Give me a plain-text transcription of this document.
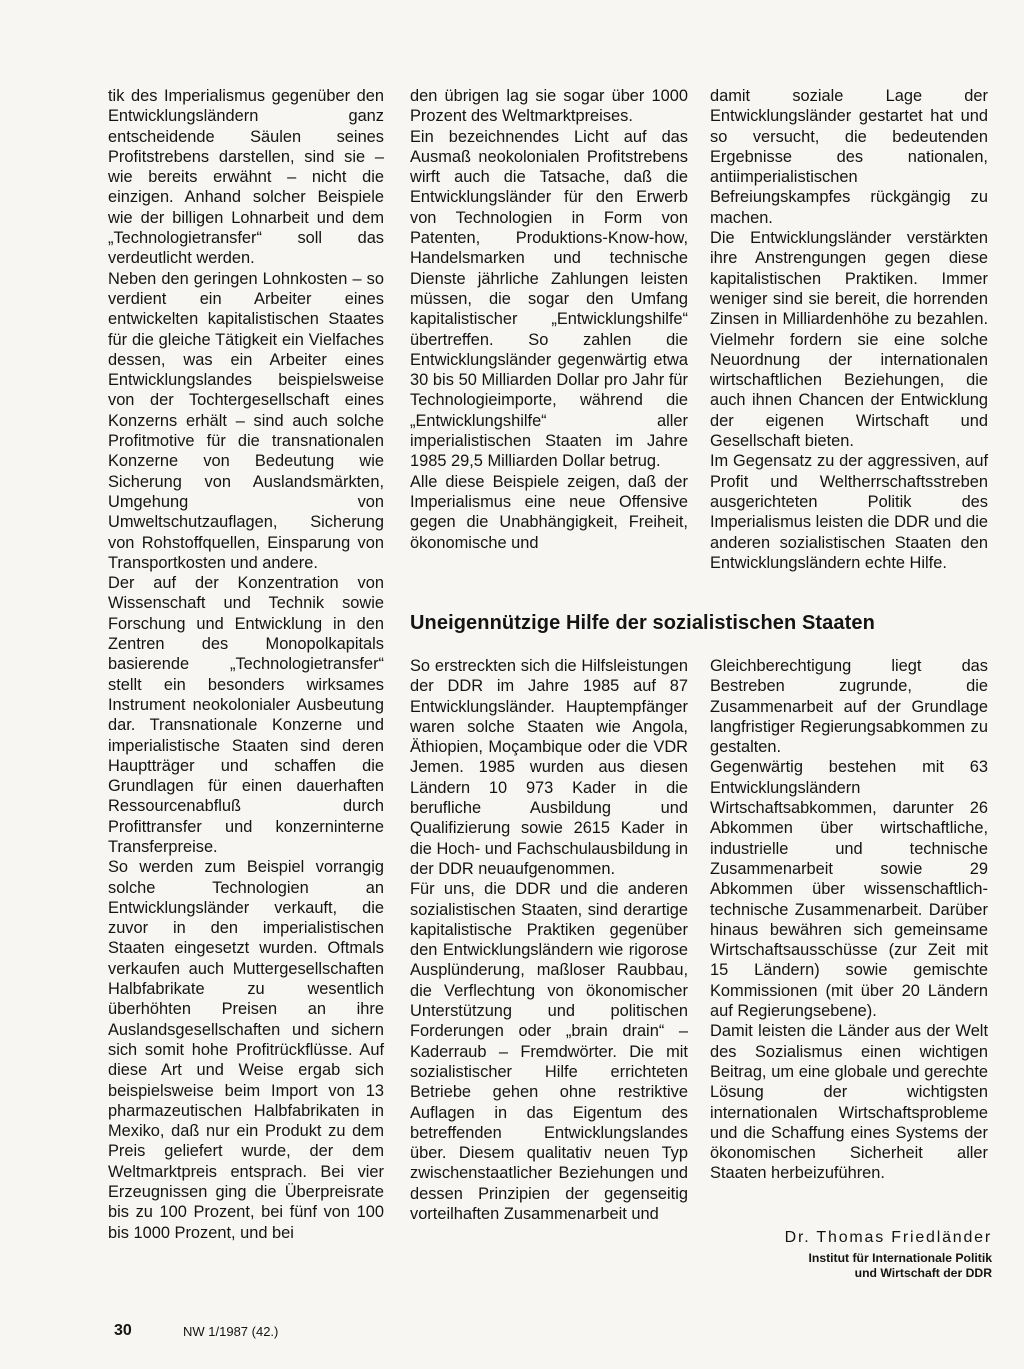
tik des Imperialismus gegenüber den Entwicklungsländern ganz entscheidende Säulen seines Profitstrebens darstellen, sind sie – wie bereits erwähnt – nicht die einzigen. Anhand solcher Beispiele wie der billigen Lohnarbeit und dem „Technologietransfer“ soll das verdeutlicht werden.

Neben den geringen Lohnkosten – so verdient ein Arbeiter eines entwickelten kapitalistischen Staates für die gleiche Tätigkeit ein Vielfaches dessen, was ein Arbeiter eines Entwicklungslandes beispielsweise von der Tochtergesellschaft eines Konzerns erhält – sind auch solche Profitmotive für die transnationalen Konzerne von Bedeutung wie Sicherung von Auslandsmärkten, Umgehung von Umweltschutzauflagen, Sicherung von Rohstoffquellen, Einsparung von Transportkosten und andere.

Der auf der Konzentration von Wissenschaft und Technik sowie Forschung und Entwicklung in den Zentren des Monopolkapitals basierende „Technologietransfer“ stellt ein besonders wirksames Instrument neokolonialer Ausbeutung dar. Transnationale Konzerne und imperialistische Staaten sind deren Hauptträger und schaffen die Grundlagen für einen dauerhaften Ressourcenabfluß durch Profittransfer und konzerninterne Transferpreise.

So werden zum Beispiel vorrangig solche Technologien an Entwicklungsländer verkauft, die zuvor in den imperialistischen Staaten eingesetzt wurden. Oftmals verkaufen auch Muttergesellschaften Halbfabrikate zu wesentlich überhöhten Preisen an ihre Auslandsgesellschaften und sichern sich somit hohe Profitrückflüsse. Auf diese Art und Weise ergab sich beispielsweise beim Import von 13 pharmazeutischen Halbfabrikaten in Mexiko, daß nur ein Produkt zu dem Preis geliefert wurde, der dem Weltmarktpreis entsprach. Bei vier Erzeugnissen ging die Überpreisrate bis zu 100 Prozent, bei fünf von 100 bis 1000 Prozent, und bei

den übrigen lag sie sogar über 1000 Prozent des Weltmarktpreises.

Ein bezeichnendes Licht auf das Ausmaß neokolonialen Profitstrebens wirft auch die Tatsache, daß die Entwicklungsländer für den Erwerb von Technologien in Form von Patenten, Produktions-Know-how, Handelsmarken und technische Dienste jährliche Zahlungen leisten müssen, die sogar den Umfang kapitalistischer „Entwicklungshilfe“ übertreffen. So zahlen die Entwicklungsländer gegenwärtig etwa 30 bis 50 Milliarden Dollar pro Jahr für Technologieimporte, während die „Entwicklungshilfe“ aller imperialistischen Staaten im Jahre 1985 29,5 Milliarden Dollar betrug.

Alle diese Beispiele zeigen, daß der Imperialismus eine neue Offensive gegen die Unabhängigkeit, Freiheit, ökonomische und

damit soziale Lage der Entwicklungsländer gestartet hat und so versucht, die bedeutenden Ergebnisse des nationalen, antiimperialistischen Befreiungskampfes rückgängig zu machen.

Die Entwicklungsländer verstärkten ihre Anstrengungen gegen diese kapitalistischen Praktiken. Immer weniger sind sie bereit, die horrenden Zinsen in Milliardenhöhe zu bezahlen. Vielmehr fordern sie eine solche Neuordnung der internationalen wirtschaftlichen Beziehungen, die auch ihnen Chancen der Entwicklung der eigenen Wirtschaft und Gesellschaft bieten.

Im Gegensatz zu der aggressiven, auf Profit und Weltherrschaftsstreben ausgerichteten Politik des Imperialismus leisten die DDR und die anderen sozialistischen Staaten den Entwicklungsländern echte Hilfe.

Uneigennützige Hilfe der sozialistischen Staaten

So erstreckten sich die Hilfsleistungen der DDR im Jahre 1985 auf 87 Entwicklungsländer. Hauptempfänger waren solche Staaten wie Angola, Äthiopien, Moçambique oder die VDR Jemen. 1985 wurden aus diesen Ländern 10 973 Kader in die berufliche Ausbildung und Qualifizierung sowie 2615 Kader in die Hoch- und Fachschulausbildung in der DDR neuaufgenommen.

Für uns, die DDR und die anderen sozialistischen Staaten, sind derartige kapitalistische Praktiken gegenüber den Entwicklungsländern wie rigorose Ausplünderung, maßloser Raubbau, die Verflechtung von ökonomischer Unterstützung und politischen Forderungen oder „brain drain“ – Kaderraub – Fremdwörter. Die mit sozialistischer Hilfe errichteten Betriebe gehen ohne restriktive Auflagen in das Eigentum des betreffenden Entwicklungslandes über. Diesem qualitativ neuen Typ zwischenstaatlicher Beziehungen und dessen Prinzipien der gegenseitig vorteilhaften Zusammenarbeit und

Gleichberechtigung liegt das Bestreben zugrunde, die Zusammenarbeit auf der Grundlage langfristiger Regierungsabkommen zu gestalten.

Gegenwärtig bestehen mit 63 Entwicklungsländern Wirtschaftsabkommen, darunter 26 Abkommen über wirtschaftliche, industrielle und technische Zusammenarbeit sowie 29 Abkommen über wissenschaftlich-technische Zusammenarbeit. Darüber hinaus bewähren sich gemeinsame Wirtschaftsausschüsse (zur Zeit mit 15 Ländern) sowie gemischte Kommissionen (mit über 20 Ländern auf Regierungsebene).

Damit leisten die Länder aus der Welt des Sozialismus einen wichtigen Beitrag, um eine globale und gerechte Lösung der wichtigsten internationalen Wirtschaftsprobleme und die Schaffung eines Systems der ökonomischen Sicherheit aller Staaten herbeizuführen.

Dr. Thomas Friedländer
Institut für Internationale Politik
und Wirtschaft der DDR
30	NW 1/1987 (42.)
